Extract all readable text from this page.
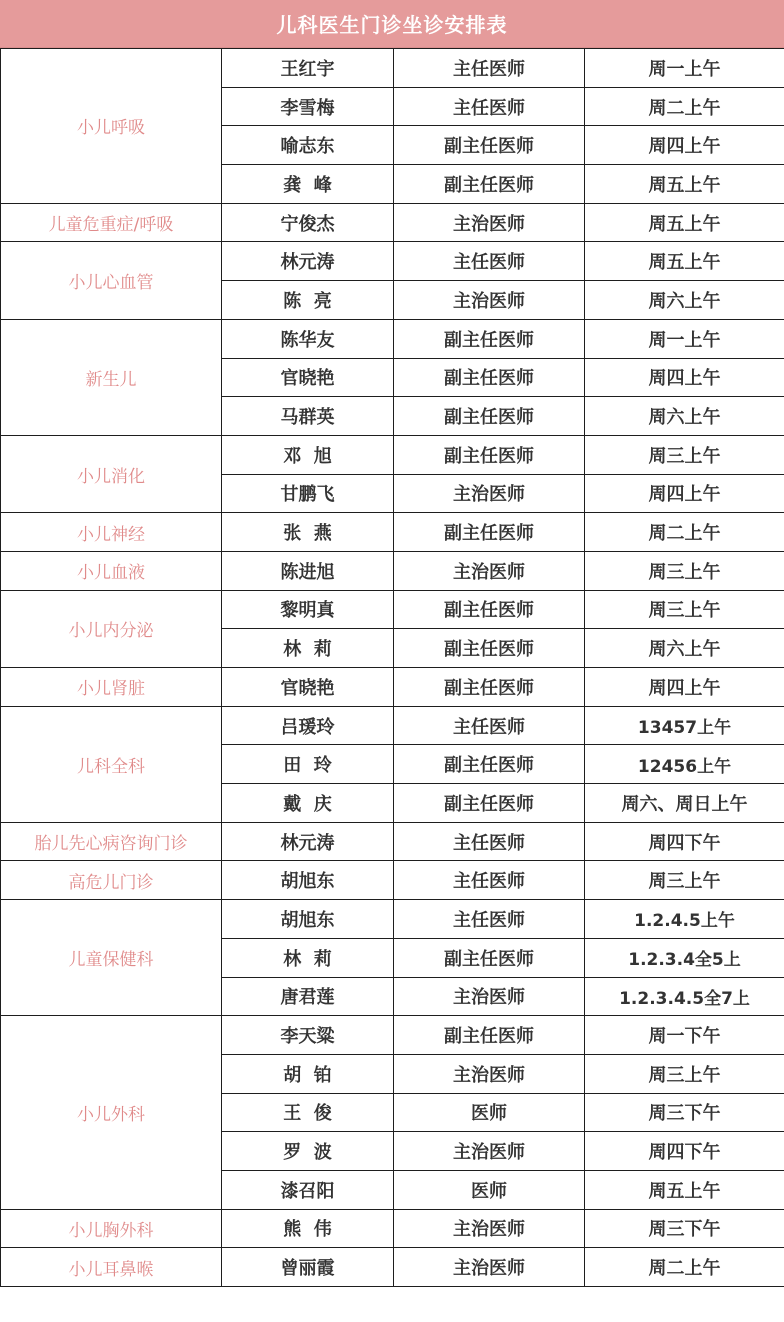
儿科医生门诊坐诊安排表
小儿呼吸	王红宇	主任医师	周一上午
	李雪梅	主任医师	周二上午
	喻志东	副主任医师	周四上午
	龚  峰	副主任医师	周五上午
儿童危重症/呼吸	宁俊杰	主治医师	周五上午
小儿心血管	林元涛	主任医师	周五上午
	陈  亮	主治医师	周六上午
新生儿	陈华友	副主任医师	周一上午
	官晓艳	副主任医师	周四上午
	马群英	副主任医师	周六上午
小儿消化	邓  旭	副主任医师	周三上午
	甘鹏飞	主治医师	周四上午
小儿神经	张  燕	副主任医师	周二上午
小儿血液	陈进旭	主治医师	周三上午
小儿内分泌	黎明真	副主任医师	周三上午
	林  莉	副主任医师	周六上午
小儿肾脏	官晓艳	副主任医师	周四上午
儿科全科	吕瑗玲	主任医师	13457上午
	田  玲	副主任医师	12456上午
	戴  庆	副主任医师	周六、周日上午
胎儿先心病咨询门诊	林元涛	主任医师	周四下午
高危儿门诊	胡旭东	主任医师	周三上午
儿童保健科	胡旭东	主任医师	1.2.4.5上午
	林  莉	副主任医师	1.2.3.4全5上
	唐君莲	主治医师	1.2.3.4.5全7上
小儿外科	李天粱	副主任医师	周一下午
	胡  铂	主治医师	周三上午
	王  俊	医师	周三下午
	罗  波	主治医师	周四下午
	漆召阳	医师	周五上午
小儿胸外科	熊  伟	主治医师	周三下午
小儿耳鼻喉	曾丽霞	主治医师	周二上午
